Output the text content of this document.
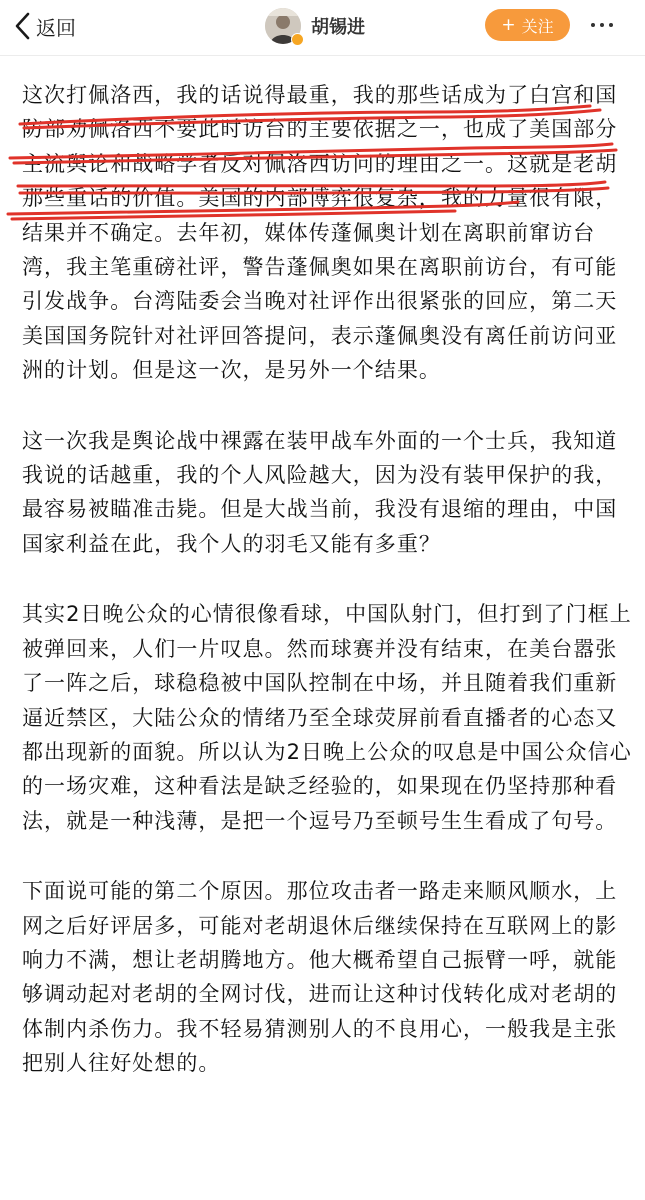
返回	胡锡进	+ 关注

这次打佩洛西，我的话说得最重，我的那些话成为了白宫和国防部劝佩洛西不要此时访台的主要依据之一，也成了美国部分主流舆论和战略学者反对佩洛西访问的理由之一。这就是老胡那些重话的价值。美国的内部博弈很复杂，我的力量很有限，结果并不确定。去年初，媒体传蓬佩奥计划在离职前窜访台湾，我主笔重磅社评，警告蓬佩奥如果在离职前访台，有可能引发战争。台湾陆委会当晚对社评作出很紧张的回应，第二天美国国务院针对社评回答提问，表示蓬佩奥没有离任前访问亚洲的计划。但是这一次，是另外一个结果。

这一次我是舆论战中裸露在装甲战车外面的一个士兵，我知道我说的话越重，我的个人风险越大，因为没有装甲保护的我，最容易被瞄准击毙。但是大战当前，我没有退缩的理由，中国国家利益在此，我个人的羽毛又能有多重？

其实2日晚公众的心情很像看球，中国队射门，但打到了门框上被弹回来，人们一片叹息。然而球赛并没有结束，在美台嚣张了一阵之后，球稳稳被中国队控制在中场，并且随着我们重新逼近禁区，大陆公众的情绪乃至全球荧屏前看直播者的心态又都出现新的面貌。所以认为2日晚上公众的叹息是中国公众信心的一场灾难，这种看法是缺乏经验的，如果现在仍坚持那种看法，就是一种浅薄，是把一个逗号乃至顿号生生看成了句号。

下面说可能的第二个原因。那位攻击者一路走来顺风顺水，上网之后好评居多，可能对老胡退休后继续保持在互联网上的影响力不满，想让老胡腾地方。他大概希望自己振臂一呼，就能够调动起对老胡的全网讨伐，进而让这种讨伐转化成对老胡的体制内杀伤力。我不轻易猜测别人的不良用心，一般我是主张把别人往好处想的。
